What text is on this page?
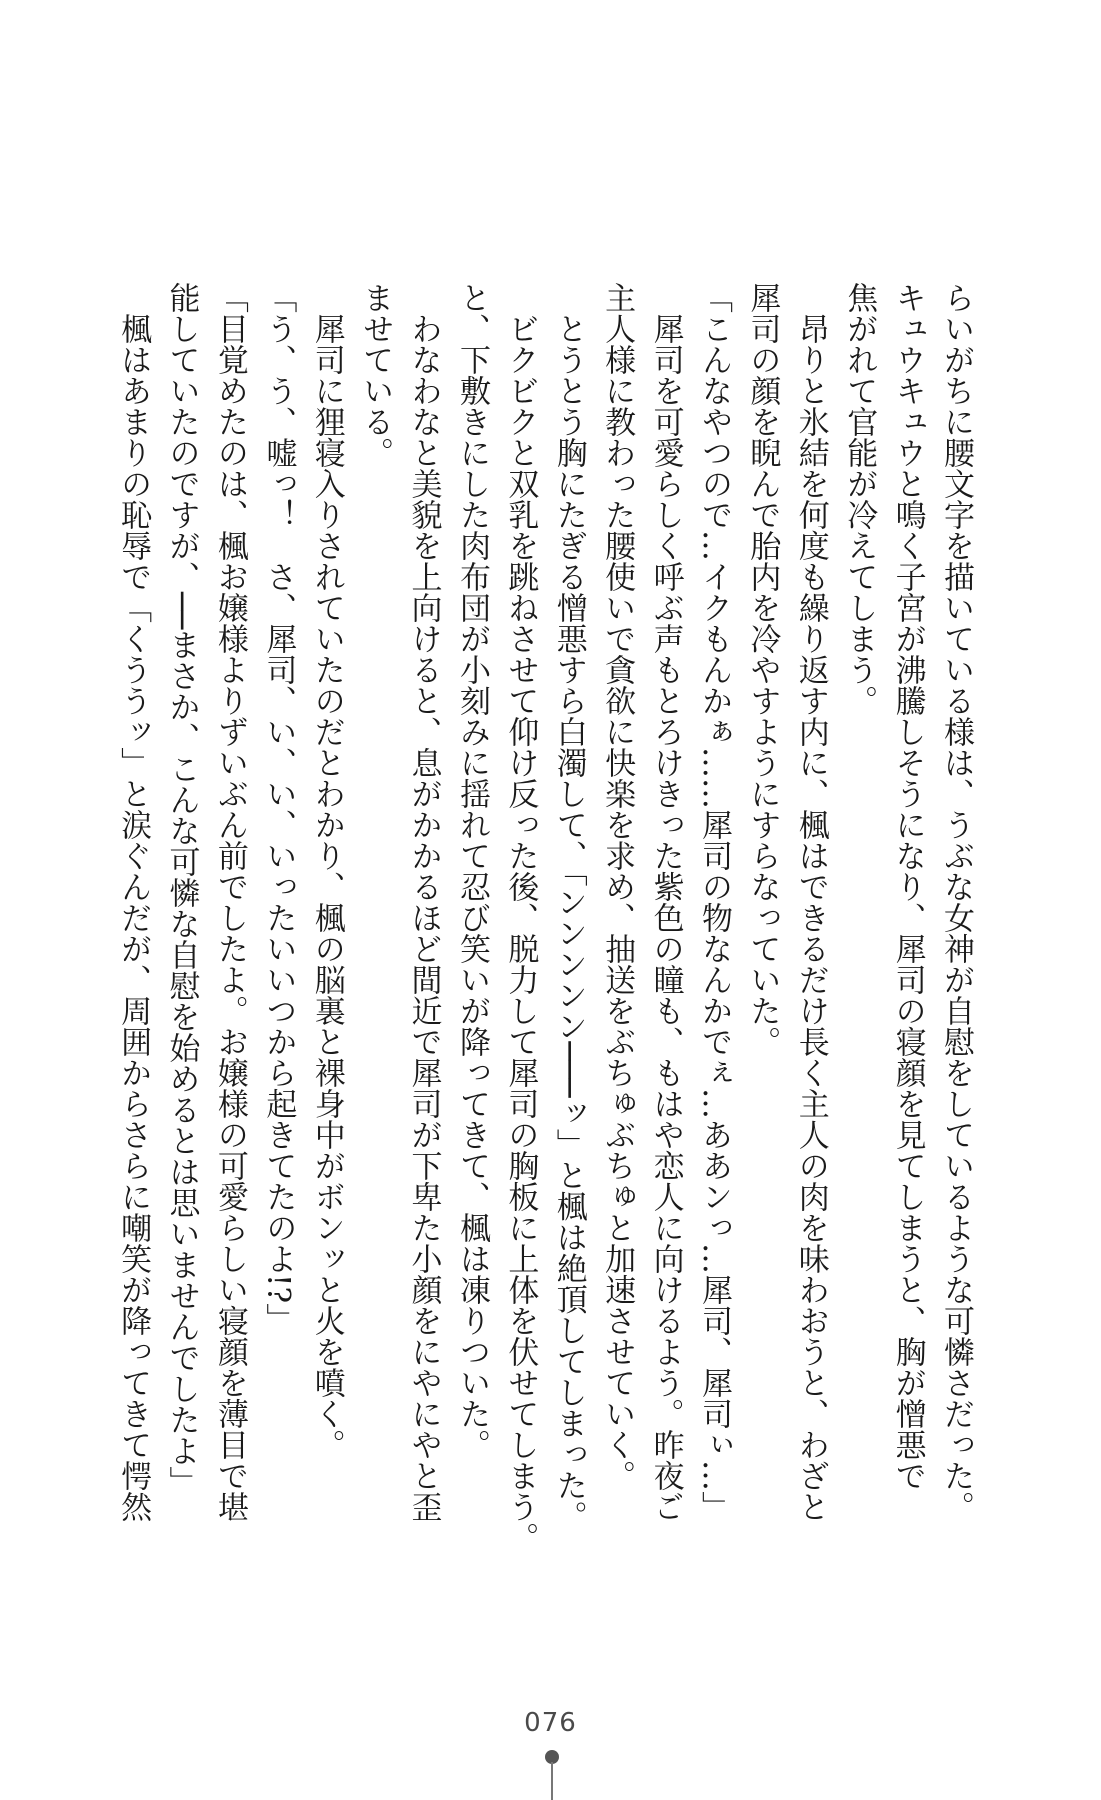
らいがちに腰文字を描いている様は、うぶな女神が自慰をしているような可憐さだった。
キュウキュウと鳴く子宮が沸騰しそうになり、犀司の寝顔を見てしまうと、胸が憎悪で
焦がれて官能が冷えてしまう。
　昂りと氷結を何度も繰り返す内に、楓はできるだけ長く主人の肉を味わおうと、わざと
犀司の顔を睨んで胎内を冷やすようにすらなっていた。
「こんなやつので…イクもんかぁ……犀司の物なんかでぇ…ああンっ…犀司、犀司ぃ…」
　犀司を可愛らしく呼ぶ声もとろけきった紫色の瞳も、もはや恋人に向けるよう。昨夜ご
主人様に教わった腰使いで貪欲に快楽を求め、抽送をぶちゅぶちゅと加速させていく。
　とうとう胸にたぎる憎悪すら白濁して、「ンンンンン───ッ」と楓は絶頂してしまった。
　ビクビクと双乳を跳ねさせて仰け反った後、脱力して犀司の胸板に上体を伏せてしまう。
と、下敷きにした肉布団が小刻みに揺れて忍び笑いが降ってきて、楓は凍りついた。
　わなわなと美貌を上向けると、息がかかるほど間近で犀司が下卑た小顔をにやにやと歪
ませている。
　犀司に狸寝入りされていたのだとわかり、楓の脳裏と裸身中がボンッと火を噴く。
「う、う、嘘っ！　さ、犀司、い、い、いったいいつから起きてたのよ!?」
「目覚めたのは、楓お嬢様よりずいぶん前でしたよ。お嬢様の可愛らしい寝顔を薄目で堪
能していたのですが、──まさか、こんな可憐な自慰を始めるとは思いませんでしたよ」
　楓はあまりの恥辱で「くううッ」と涙ぐんだが、周囲からさらに嘲笑が降ってきて愕然
076
